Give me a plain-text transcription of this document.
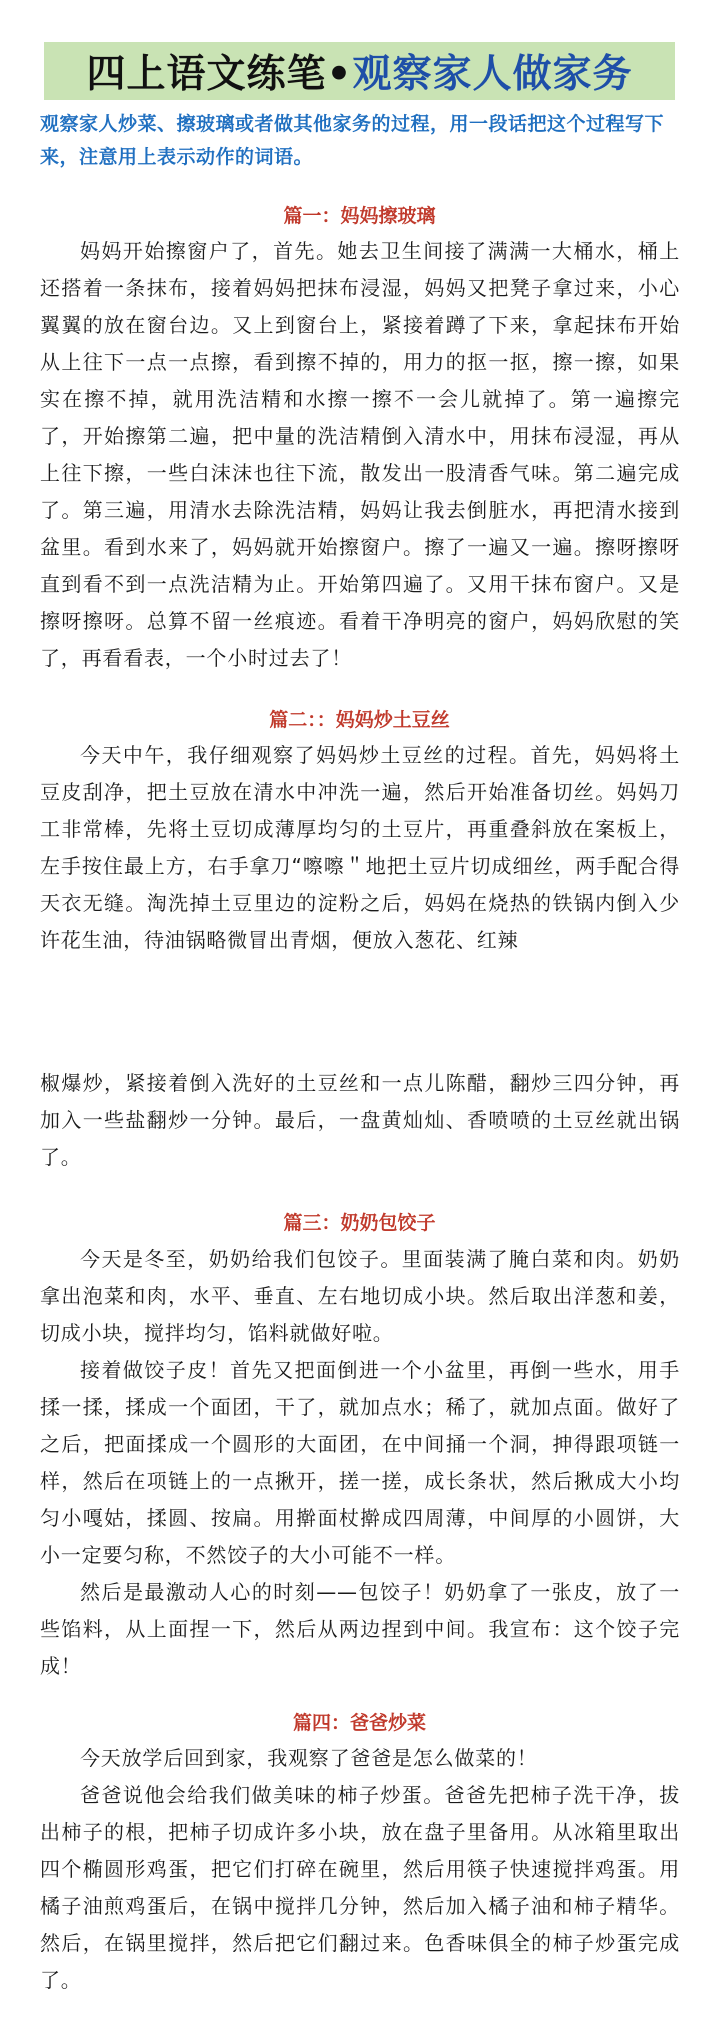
四上语文练笔• 观察家人做家务
观察家人炒菜、擦玻璃或者做其他家务的过程，用一段话把这个过程写下来，注意用上表示动作的词语。
篇一：妈妈擦玻璃

妈妈开始擦窗户了，首先。她去卫生间接了满满一大桶水，桶上还搭着一条抹布，接着妈妈把抹布浸湿，妈妈又把凳子拿过来，小心翼翼的放在窗台边。又上到窗台上，紧接着蹲了下来，拿起抹布开始从上往下一点一点擦，看到擦不掉的，用力的抠一抠，擦一擦，如果实在擦不掉，就用洗洁精和水擦一擦不一会儿就掉了。第一遍擦完了，开始擦第二遍，把中量的洗洁精倒入清水中，用抹布浸湿，再从上往下擦，一些白沫沫也往下流，散发出一股清香气味。第二遍完成了。第三遍，用清水去除洗洁精，妈妈让我去倒脏水，再把清水接到盆里。看到水来了，妈妈就开始擦窗户。擦了一遍又一遍。擦呀擦呀直到看不到一点洗洁精为止。开始第四遍了。又用干抹布窗户。又是擦呀擦呀。总算不留一丝痕迹。看着干净明亮的窗户，妈妈欣慰的笑了，再看看表，一个小时过去了！

篇二：：妈妈炒土豆丝

今天中午，我仔细观察了妈妈炒土豆丝的过程。首先，妈妈将土豆皮刮净，把土豆放在清水中冲洗一遍，然后开始准备切丝。妈妈刀工非常棒，先将土豆切成薄厚均匀的土豆片，再重叠斜放在案板上，左手按住最上方，右手拿刀“嚓嚓＂地把土豆片切成细丝，两手配合得天衣无缝。淘洗掉土豆里边的淀粉之后，妈妈在烧热的铁锅内倒入少许花生油，待油锅略微冒出青烟，便放入葱花、红辣

椒爆炒，紧接着倒入洗好的土豆丝和一点儿陈醋，翻炒三四分钟，再加入一些盐翻炒一分钟。最后，一盘黄灿灿、香喷喷的土豆丝就出锅了。

篇三：奶奶包饺子

今天是冬至，奶奶给我们包饺子。里面装满了腌白菜和肉。奶奶拿出泡菜和肉，水平、垂直、左右地切成小块。然后取出洋葱和姜，切成小块，搅拌均匀，馅料就做好啦。

接着做饺子皮！首先又把面倒进一个小盆里，再倒一些水，用手揉一揉，揉成一个面团，干了，就加点水；稀了，就加点面。做好了之后，把面揉成一个圆形的大面团，在中间捅一个洞，抻得跟项链一样，然后在项链上的一点揪开，搓一搓，成长条状，然后揪成大小均匀小嘎姑，揉圆、按扁。用擀面杖擀成四周薄，中间厚的小圆饼，大小一定要匀称，不然饺子的大小可能不一样。

然后是最激动人心的时刻——包饺子！奶奶拿了一张皮，放了一些馅料，从上面捏一下，然后从两边捏到中间。我宣布：这个饺子完成！

篇四：爸爸炒菜

今天放学后回到家，我观察了爸爸是怎么做菜的！

爸爸说他会给我们做美味的柿子炒蛋。爸爸先把柿子洗干净，拔出柿子的根，把柿子切成许多小块，放在盘子里备用。从冰箱里取出四个椭圆形鸡蛋，把它们打碎在碗里，然后用筷子快速搅拌鸡蛋。用橘子油煎鸡蛋后，在锅中搅拌几分钟，然后加入橘子油和柿子精华。然后，在锅里搅拌，然后把它们翻过来。色香味俱全的柿子炒蛋完成了。
